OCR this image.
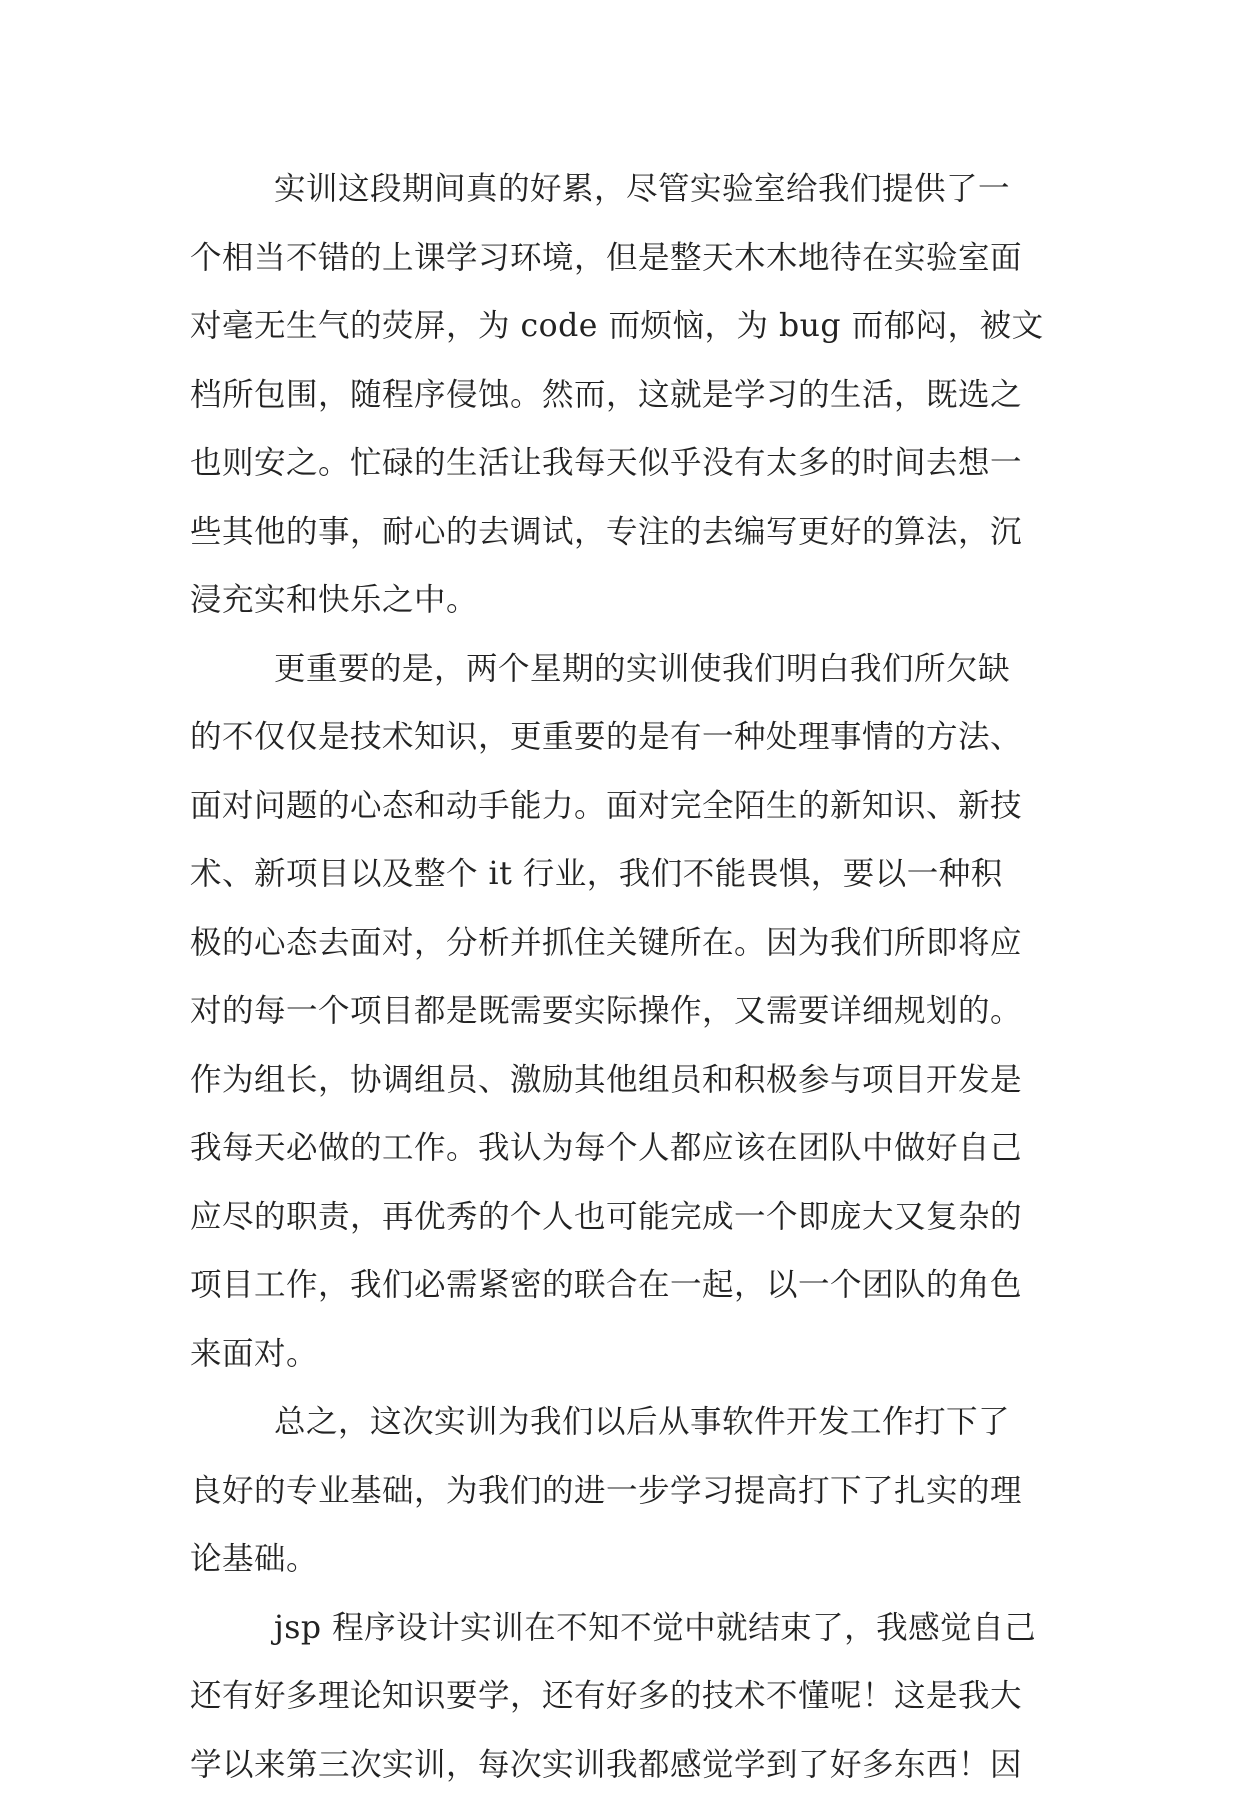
实训这段期间真的好累，尽管实验室给我们提供了一
个相当不错的上课学习环境，但是整天木木地待在实验室面
对毫无生气的荧屏，为 code 而烦恼，为 bug 而郁闷，被文
档所包围，随程序侵蚀。然而，这就是学习的生活，既选之
也则安之。忙碌的生活让我每天似乎没有太多的时间去想一
些其他的事，耐心的去调试，专注的去编写更好的算法，沉
浸充实和快乐之中。
更重要的是，两个星期的实训使我们明白我们所欠缺
的不仅仅是技术知识，更重要的是有一种处理事情的方法、
面对问题的心态和动手能力。面对完全陌生的新知识、新技
术、新项目以及整个 it 行业，我们不能畏惧，要以一种积
极的心态去面对，分析并抓住关键所在。因为我们所即将应
对的每一个项目都是既需要实际操作，又需要详细规划的。
作为组长，协调组员、激励其他组员和积极参与项目开发是
我每天必做的工作。我认为每个人都应该在团队中做好自己
应尽的职责，再优秀的个人也可能完成一个即庞大又复杂的
项目工作，我们必需紧密的联合在一起，以一个团队的角色
来面对。
总之，这次实训为我们以后从事软件开发工作打下了
良好的专业基础，为我们的进一步学习提高打下了扎实的理
论基础。
jsp 程序设计实训在不知不觉中就结束了，我感觉自己
还有好多理论知识要学，还有好多的技术不懂呢！这是我大
学以来第三次实训，每次实训我都感觉学到了好多东西！因
